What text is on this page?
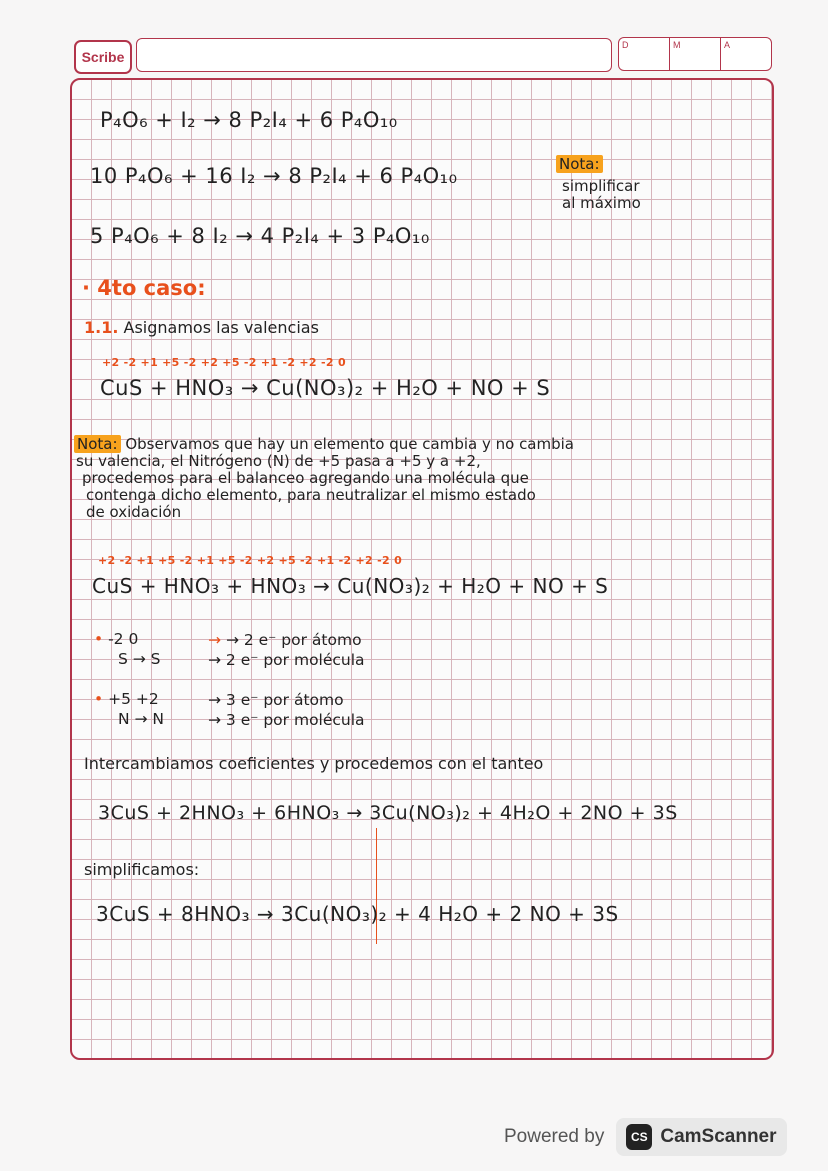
Scribe
D	M	A
P₄O₆ + I₂ → 8 P₂I₄ + 6 P₄O₁₀
10 P₄O₆ + 16 I₂ → 8 P₂I₄ + 6 P₄O₁₀	Nota:
simplificar
al máximo
5 P₄O₆ + 8 I₂ → 4 P₂I₄ + 3 P₄O₁₀
· 4to caso:
1.1. Asignamos las valencias
+2 -2 +1 +5 -2 +2 +5 -2 +1 -2 +2 -2 0
CuS + HNO₃ → Cu(NO₃)₂ + H₂O + NO + S
Nota: Observamos que hay un elemento que cambia y no cambia
su valencia, el Nitrógeno (N) de +5 pasa a +5 y a +2,
procedemos para el balanceo agregando una molécula que
contenga dicho elemento, para neutralizar el mismo estado
de oxidación
+2 -2 +1 +5 -2 +1 +5 -2 +2 +5 -2 +1 -2 +2 -2 0
CuS + HNO₃ + HNO₃ → Cu(NO₃)₂ + H₂O + NO + S
• -2 0
S → S
→ → 2 e⁻ por átomo
→ 2 e⁻ por molécula
• +5 +2
N → N
→ 3 e⁻ por átomo
→ 3 e⁻ por molécula
Intercambiamos coeficientes y procedemos con el tanteo
3CuS + 2HNO₃ + 6HNO₃ → 3Cu(NO₃)₂ + 4H₂O + 2NO + 3S
simplificamos:
3CuS + 8HNO₃ → 3Cu(NO₃)₂ + 4 H₂O + 2 NO + 3S
Powered by	CS CamScanner
